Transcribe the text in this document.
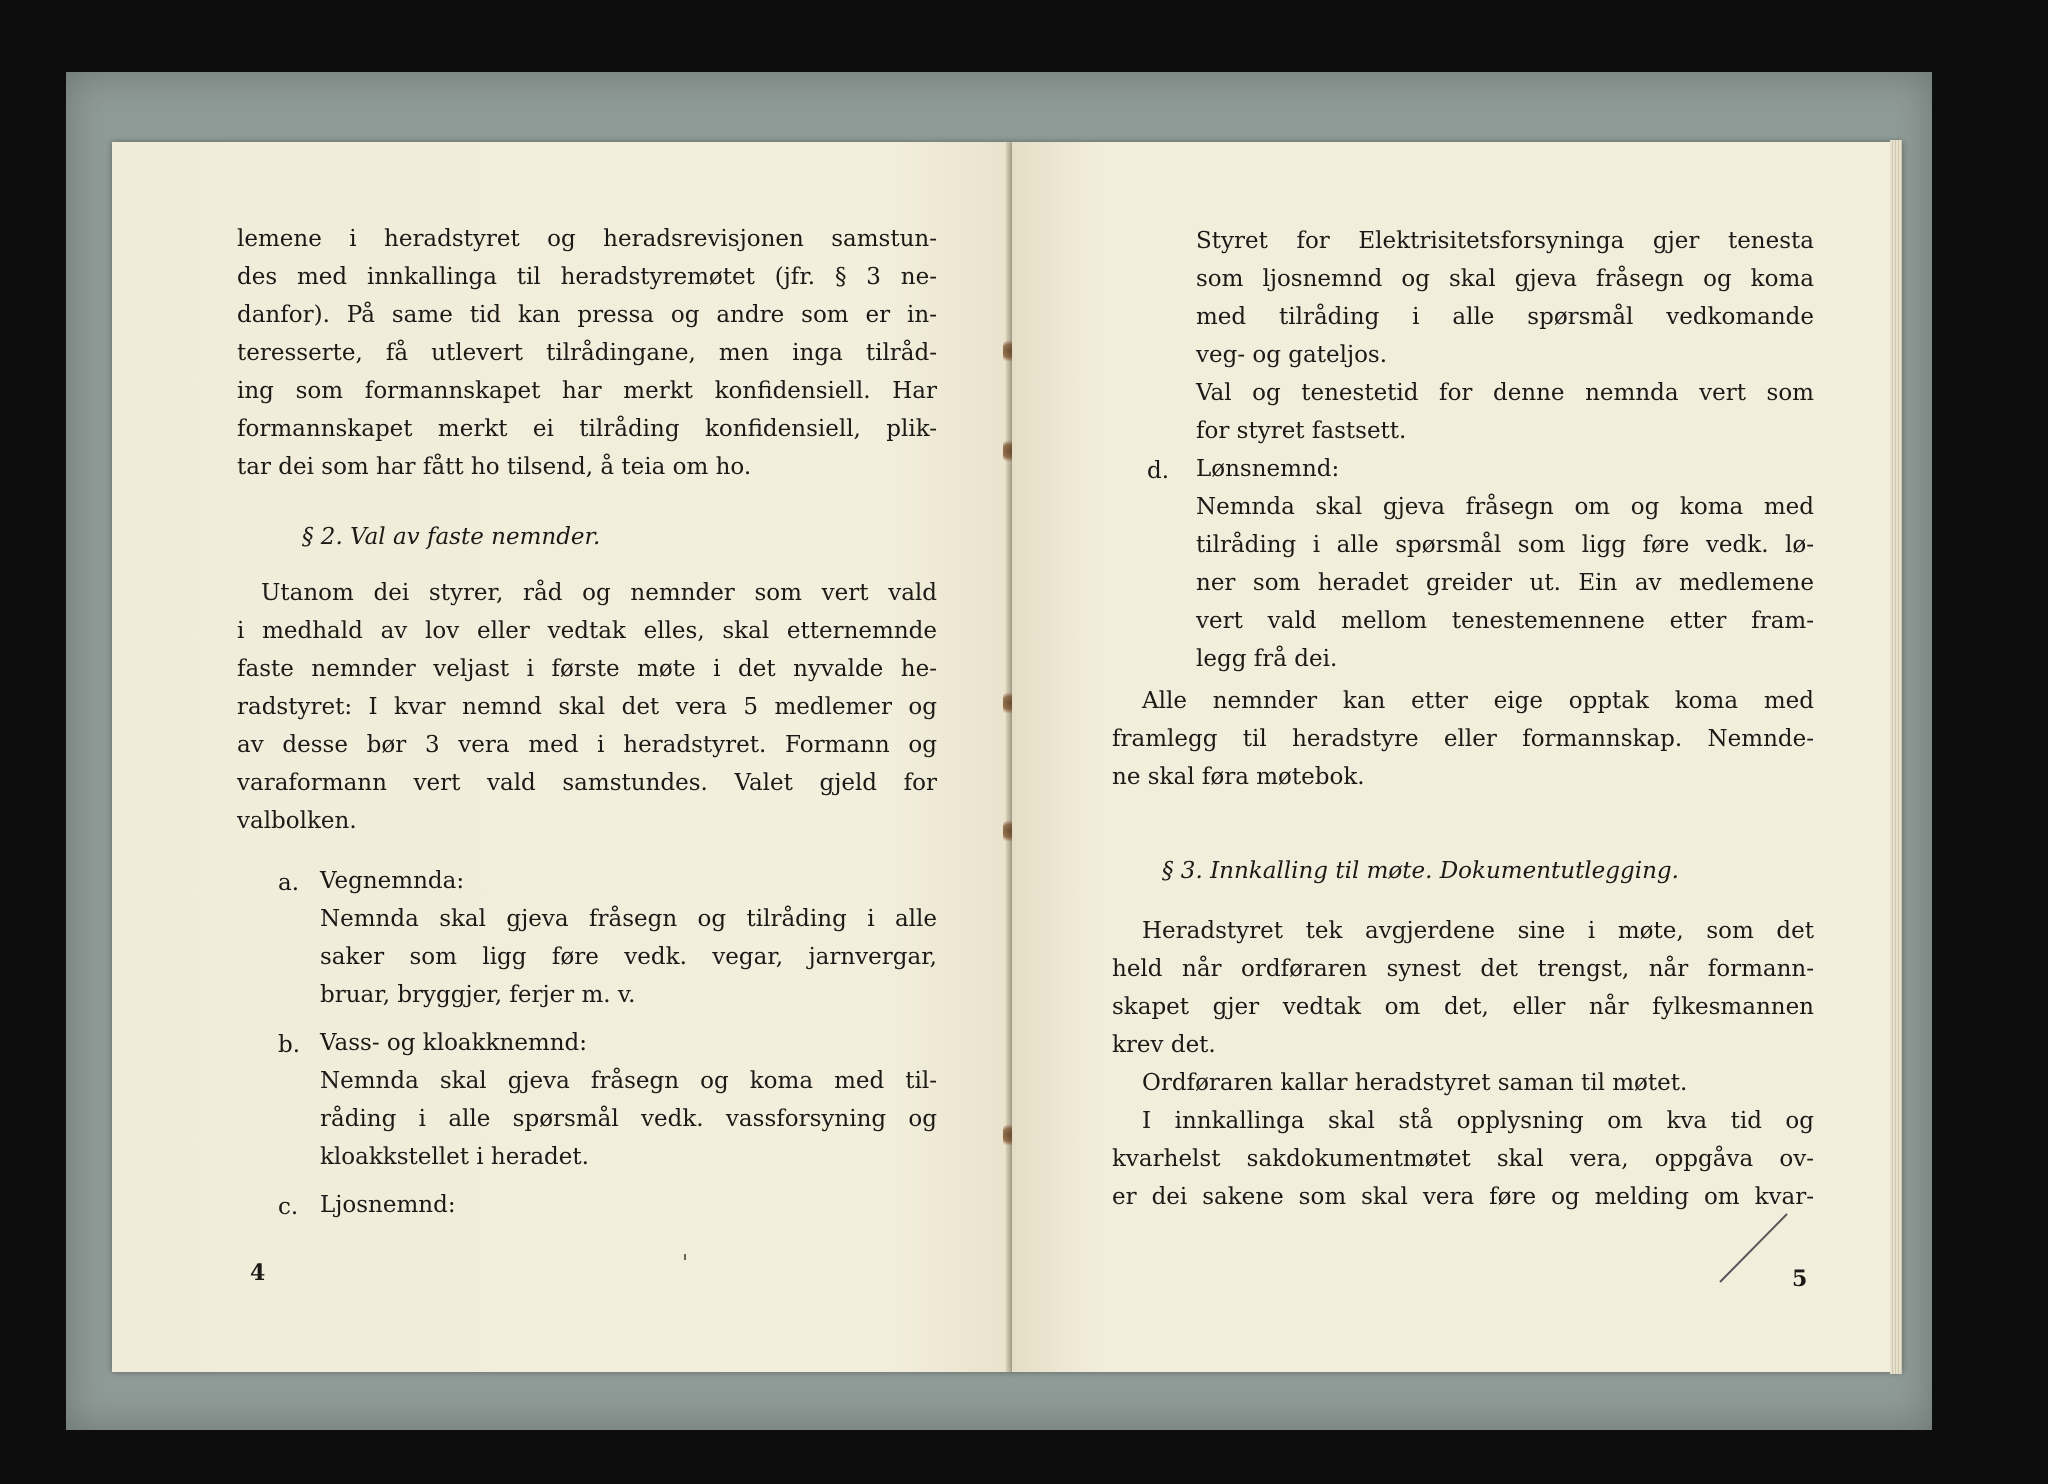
lemene i heradstyret og heradsrevisjonen samstun-
des med innkallinga til heradstyremøtet (jfr. § 3 ne-
danfor). På same tid kan pressa og andre som er in-
teresserte, få utlevert tilrådingane, men inga tilråd-
ing som formannskapet har merkt konfidensiell. Har
formannskapet merkt ei tilråding konfidensiell, plik-
tar dei som har fått ho tilsend, å teia om ho.
§ 2. Val av faste nemnder.
Utanom dei styrer, råd og nemnder som vert vald
i medhald av lov eller vedtak elles, skal etternemnde
faste nemnder veljast i første møte i det nyvalde he-
radstyret: I kvar nemnd skal det vera 5 medlemer og
av desse bør 3 vera med i heradstyret. Formann og
varaformann vert vald samstundes. Valet gjeld for
valbolken.
a. Vegnemnda:
Nemnda skal gjeva fråsegn og tilråding i alle
saker som ligg føre vedk. vegar, jarnvergar,
bruar, bryggjer, ferjer m. v.
b. Vass- og kloakknemnd:
Nemnda skal gjeva fråsegn og koma med til-
råding i alle spørsmål vedk. vassforsyning og
kloakkstellet i heradet.
c. Ljosnemnd:
4
Styret for Elektrisitetsforsyninga gjer tenesta
som ljosnemnd og skal gjeva fråsegn og koma
med tilråding i alle spørsmål vedkomande
veg- og gateljos.
Val og tenestetid for denne nemnda vert som
for styret fastsett.
d. Lønsnemnd:
Nemnda skal gjeva fråsegn om og koma med
tilråding i alle spørsmål som ligg føre vedk. lø-
ner som heradet greider ut. Ein av medlemene
vert vald mellom tenestemennene etter fram-
legg frå dei.
Alle nemnder kan etter eige opptak koma med
framlegg til heradstyre eller formannskap. Nemnde-
ne skal føra møtebok.
§ 3. Innkalling til møte. Dokumentutlegging.
Heradstyret tek avgjerdene sine i møte, som det
held når ordføraren synest det trengst, når formann-
skapet gjer vedtak om det, eller når fylkesmannen
krev det.
Ordføraren kallar heradstyret saman til møtet.
I innkallinga skal stå opplysning om kva tid og
kvarhelst sakdokumentmøtet skal vera, oppgåva ov-
er dei sakene som skal vera føre og melding om kvar-
5
